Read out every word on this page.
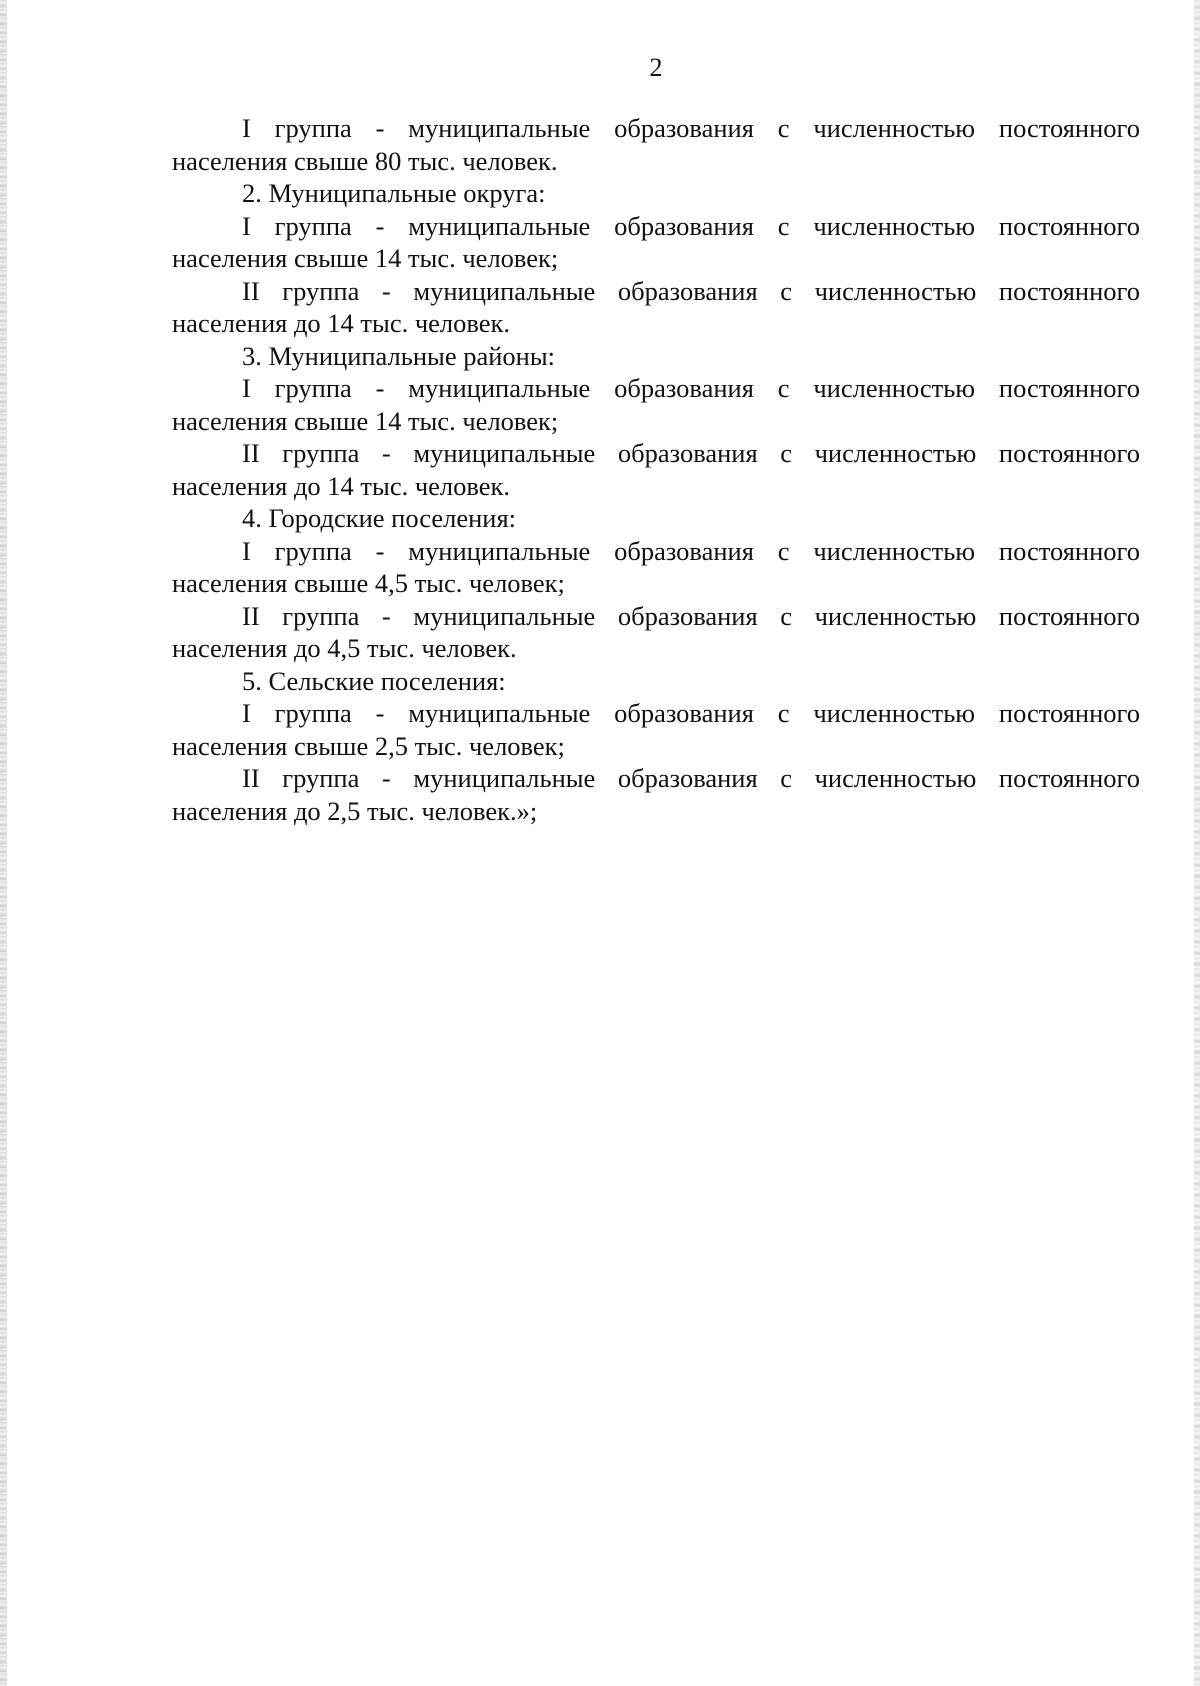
2

I группа - муниципальные образования с численностью постоянного населения свыше 80 тыс. человек.

2. Муниципальные округа:

I группа - муниципальные образования с численностью постоянного населения свыше 14 тыс. человек;

II группа - муниципальные образования с численностью постоянного населения до 14 тыс. человек.

3. Муниципальные районы:

I группа - муниципальные образования с численностью постоянного населения свыше 14 тыс. человек;

II группа - муниципальные образования с численностью постоянного населения до 14 тыс. человек.

4. Городские поселения:

I группа - муниципальные образования с численностью постоянного населения свыше 4,5 тыс. человек;

II группа - муниципальные образования с численностью постоянного населения до 4,5 тыс. человек.

5. Сельские поселения:

I группа - муниципальные образования с численностью постоянного населения свыше 2,5 тыс. человек;

II группа - муниципальные образования с численностью постоянного населения до 2,5 тыс. человек.»;
